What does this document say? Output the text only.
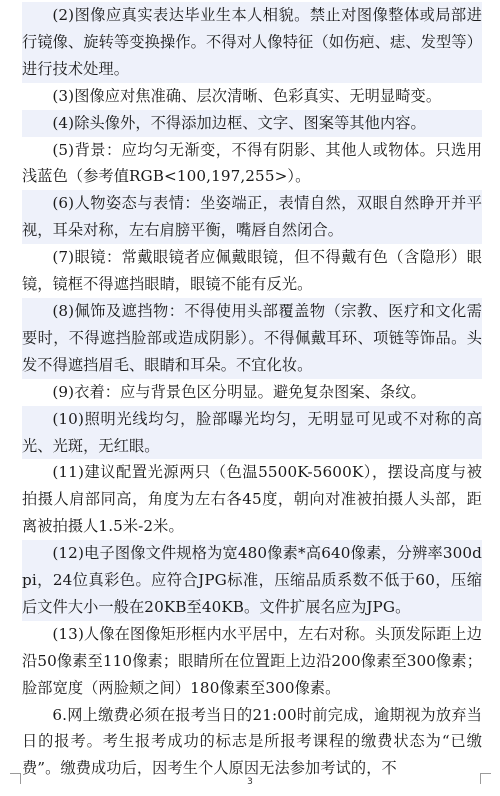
(2)图像应真实表达毕业生本人相貌。禁止对图像整体或局部进行镜像、旋转等变换操作。不得对人像特征（如伤疤、痣、发型等）进行技术处理。

(3)图像应对焦准确、层次清晰、色彩真实、无明显畸变。

(4)除头像外，不得添加边框、文字、图案等其他内容。

(5)背景：应均匀无渐变，不得有阴影、其他人或物体。只选用浅蓝色（参考值RGB<100,197,255>）。

(6)人物姿态与表情：坐姿端正，表情自然，双眼自然睁开并平视，耳朵对称，左右肩膀平衡，嘴唇自然闭合。

(7)眼镜：常戴眼镜者应佩戴眼镜，但不得戴有色（含隐形）眼镜，镜框不得遮挡眼睛，眼镜不能有反光。

(8)佩饰及遮挡物：不得使用头部覆盖物（宗教、医疗和文化需要时，不得遮挡脸部或造成阴影）。不得佩戴耳环、项链等饰品。头发不得遮挡眉毛、眼睛和耳朵。不宜化妆。

(9)衣着：应与背景色区分明显。避免复杂图案、条纹。

(10)照明光线均匀，脸部曝光均匀，无明显可见或不对称的高光、光斑，无红眼。

(11)建议配置光源两只（色温5500K-5600K），摆设高度与被拍摄人肩部同高，角度为左右各45度，朝向对准被拍摄人头部，距离被拍摄人1.5米-2米。

(12)电子图像文件规格为宽480像素*高640像素，分辨率300dpi，24位真彩色。应符合JPG标准，压缩品质系数不低于60，压缩后文件大小一般在20KB至40KB。文件扩展名应为JPG。

(13)人像在图像矩形框内水平居中，左右对称。头顶发际距上边沿50像素至110像素；眼睛所在位置距上边沿200像素至300像素；脸部宽度（两脸颊之间）180像素至300像素。

6.网上缴费必须在报考当日的21:00时前完成，逾期视为放弃当日的报考。考生报考成功的标志是所报考课程的缴费状态为“已缴费”。缴费成功后，因考生个人原因无法参加考试的，不

3
